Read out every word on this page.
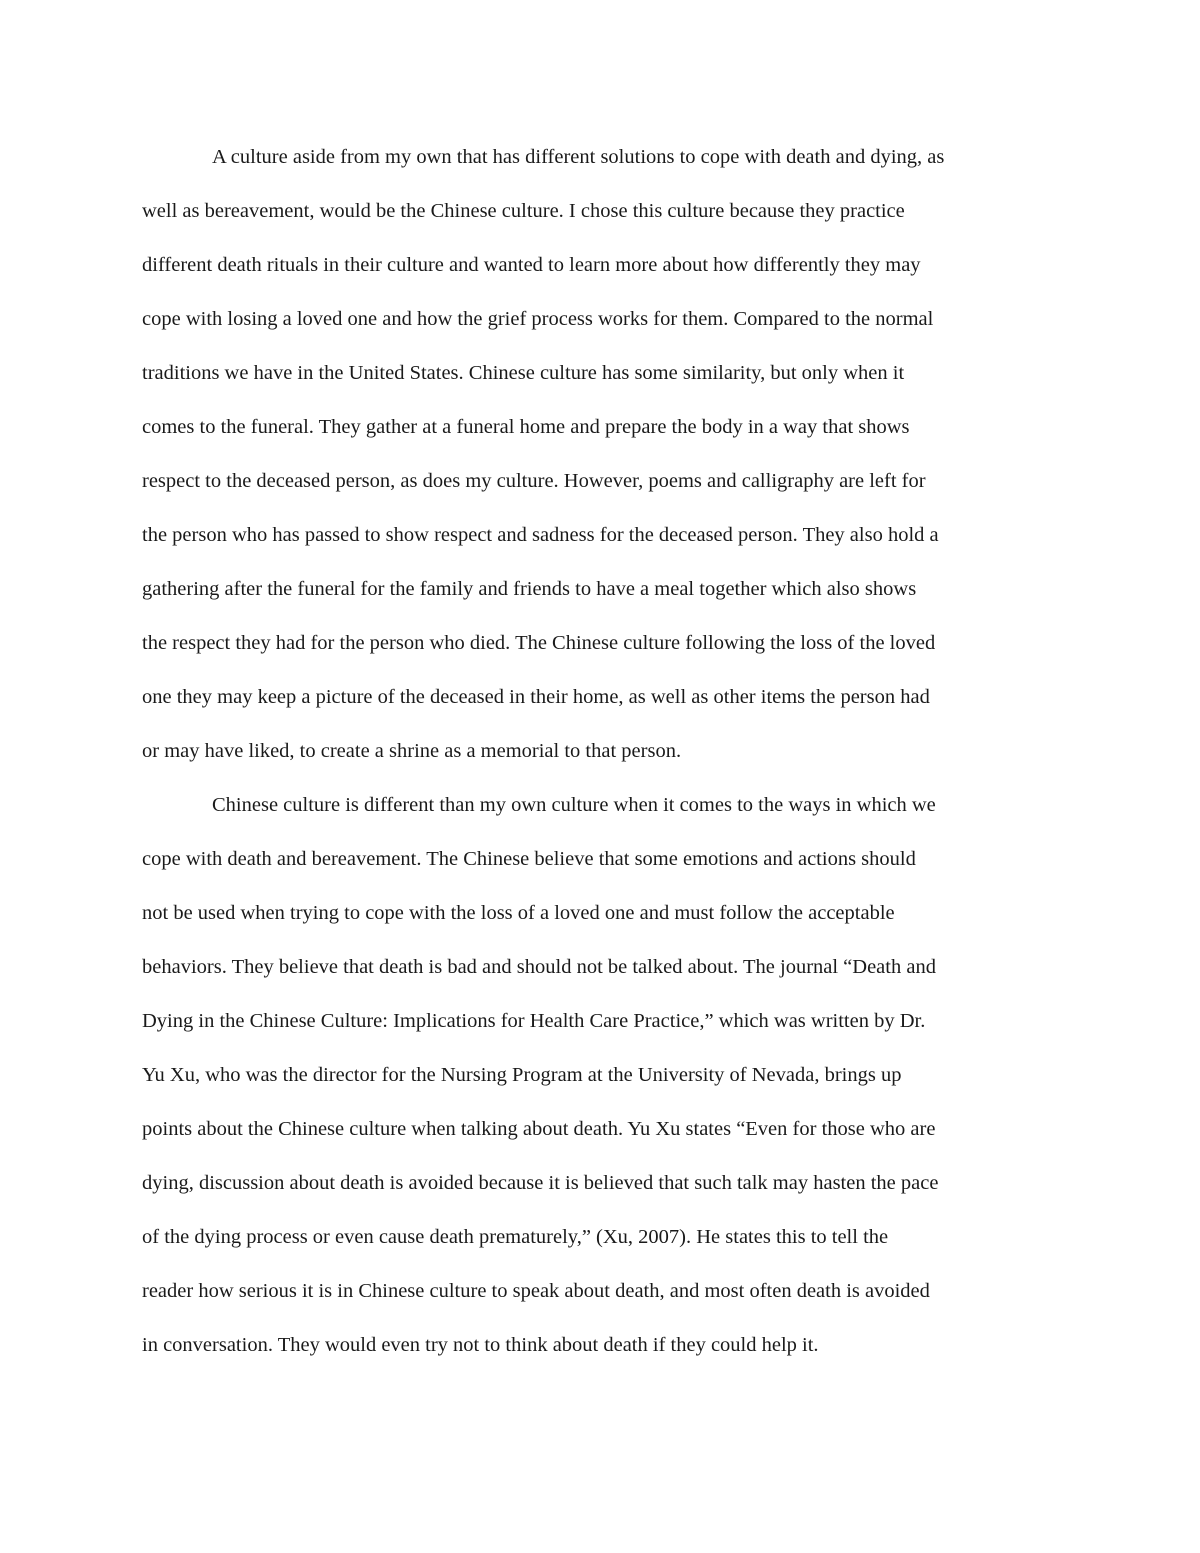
A culture aside from my own that has different solutions to cope with death and dying, as
well as bereavement, would be the Chinese culture. I chose this culture because they practice
different death rituals in their culture and wanted to learn more about how differently they may
cope with losing a loved one and how the grief process works for them. Compared to the normal
traditions we have in the United States. Chinese culture has some similarity, but only when it
comes to the funeral. They gather at a funeral home and prepare the body in a way that shows
respect to the deceased person, as does my culture. However, poems and calligraphy are left for
the person who has passed to show respect and sadness for the deceased person. They also hold a
gathering after the funeral for the family and friends to have a meal together which also shows
the respect they had for the person who died. The Chinese culture following the loss of the loved
one they may keep a picture of the deceased in their home, as well as other items the person had
or may have liked, to create a shrine as a memorial to that person.
Chinese culture is different than my own culture when it comes to the ways in which we
cope with death and bereavement. The Chinese believe that some emotions and actions should
not be used when trying to cope with the loss of a loved one and must follow the acceptable
behaviors. They believe that death is bad and should not be talked about. The journal “Death and
Dying in the Chinese Culture: Implications for Health Care Practice,” which was written by Dr.
Yu Xu, who was the director for the Nursing Program at the University of Nevada, brings up
points about the Chinese culture when talking about death. Yu Xu states “Even for those who are
dying, discussion about death is avoided because it is believed that such talk may hasten the pace
of the dying process or even cause death prematurely,” (Xu, 2007). He states this to tell the
reader how serious it is in Chinese culture to speak about death, and most often death is avoided
in conversation. They would even try not to think about death if they could help it.
